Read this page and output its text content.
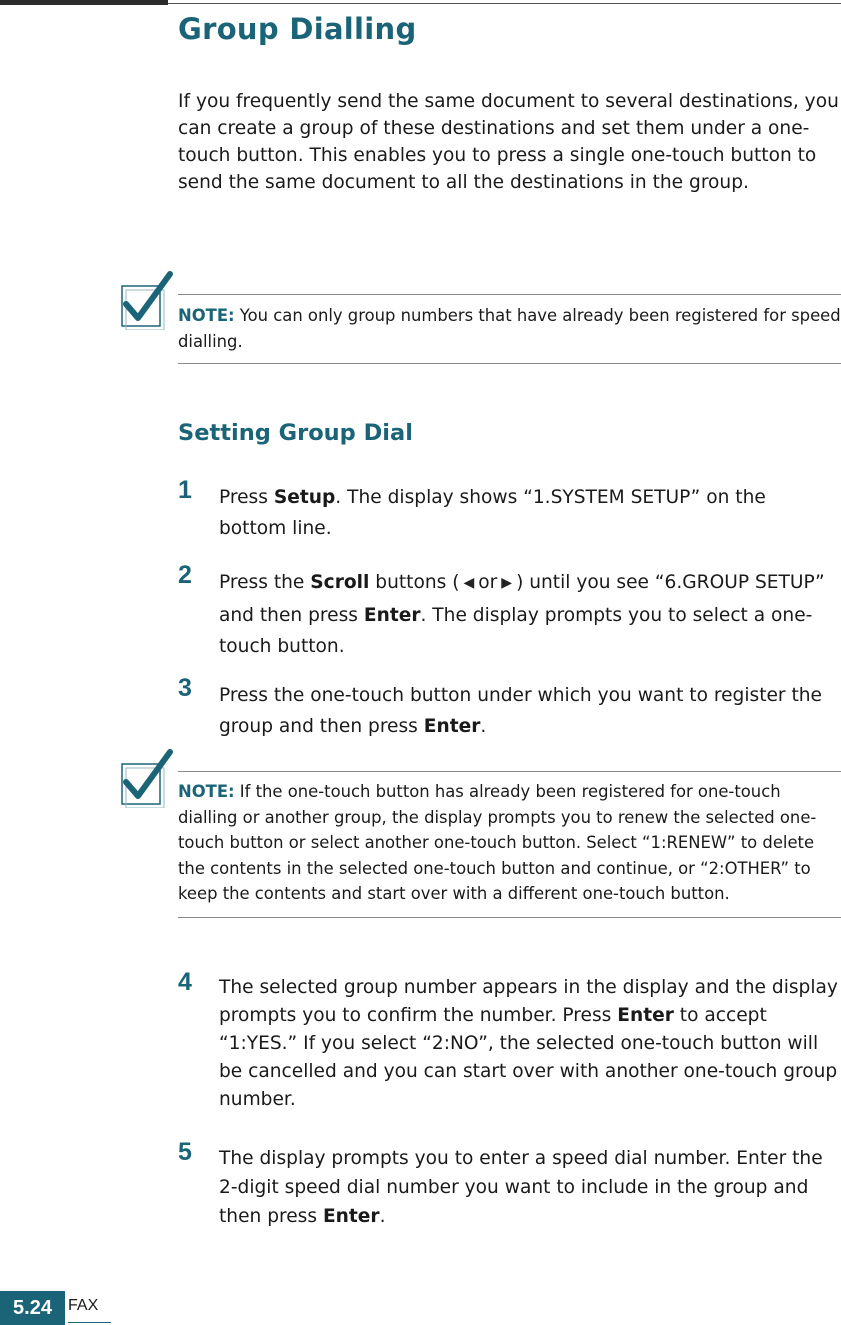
Group Dialling
If you frequently send the same document to several destinations, you can create a group of these destinations and set them under a one-touch button. This enables you to press a single one-touch button to send the same document to all the destinations in the group.
NOTE: You can only group numbers that have already been registered for speed dialling.
Setting Group Dial
1 Press Setup. The display shows “1.SYSTEM SETUP” on the bottom line.
2 Press the Scroll buttons ( ◀ or ▶ ) until you see “6.GROUP SETUP” and then press Enter. The display prompts you to select a one-touch button.
3 Press the one-touch button under which you want to register the group and then press Enter.
NOTE: If the one-touch button has already been registered for one-touch dialling or another group, the display prompts you to renew the selected one-touch button or select another one-touch button. Select “1:RENEW” to delete the contents in the selected one-touch button and continue, or “2:OTHER” to keep the contents and start over with a different one-touch button.
4 The selected group number appears in the display and the display prompts you to confirm the number. Press Enter to accept “1:YES.” If you select “2:NO”, the selected one-touch button will be cancelled and you can start over with another one-touch group number.
5 The display prompts you to enter a speed dial number. Enter the 2-digit speed dial number you want to include in the group and then press Enter.
5.24	FAX
